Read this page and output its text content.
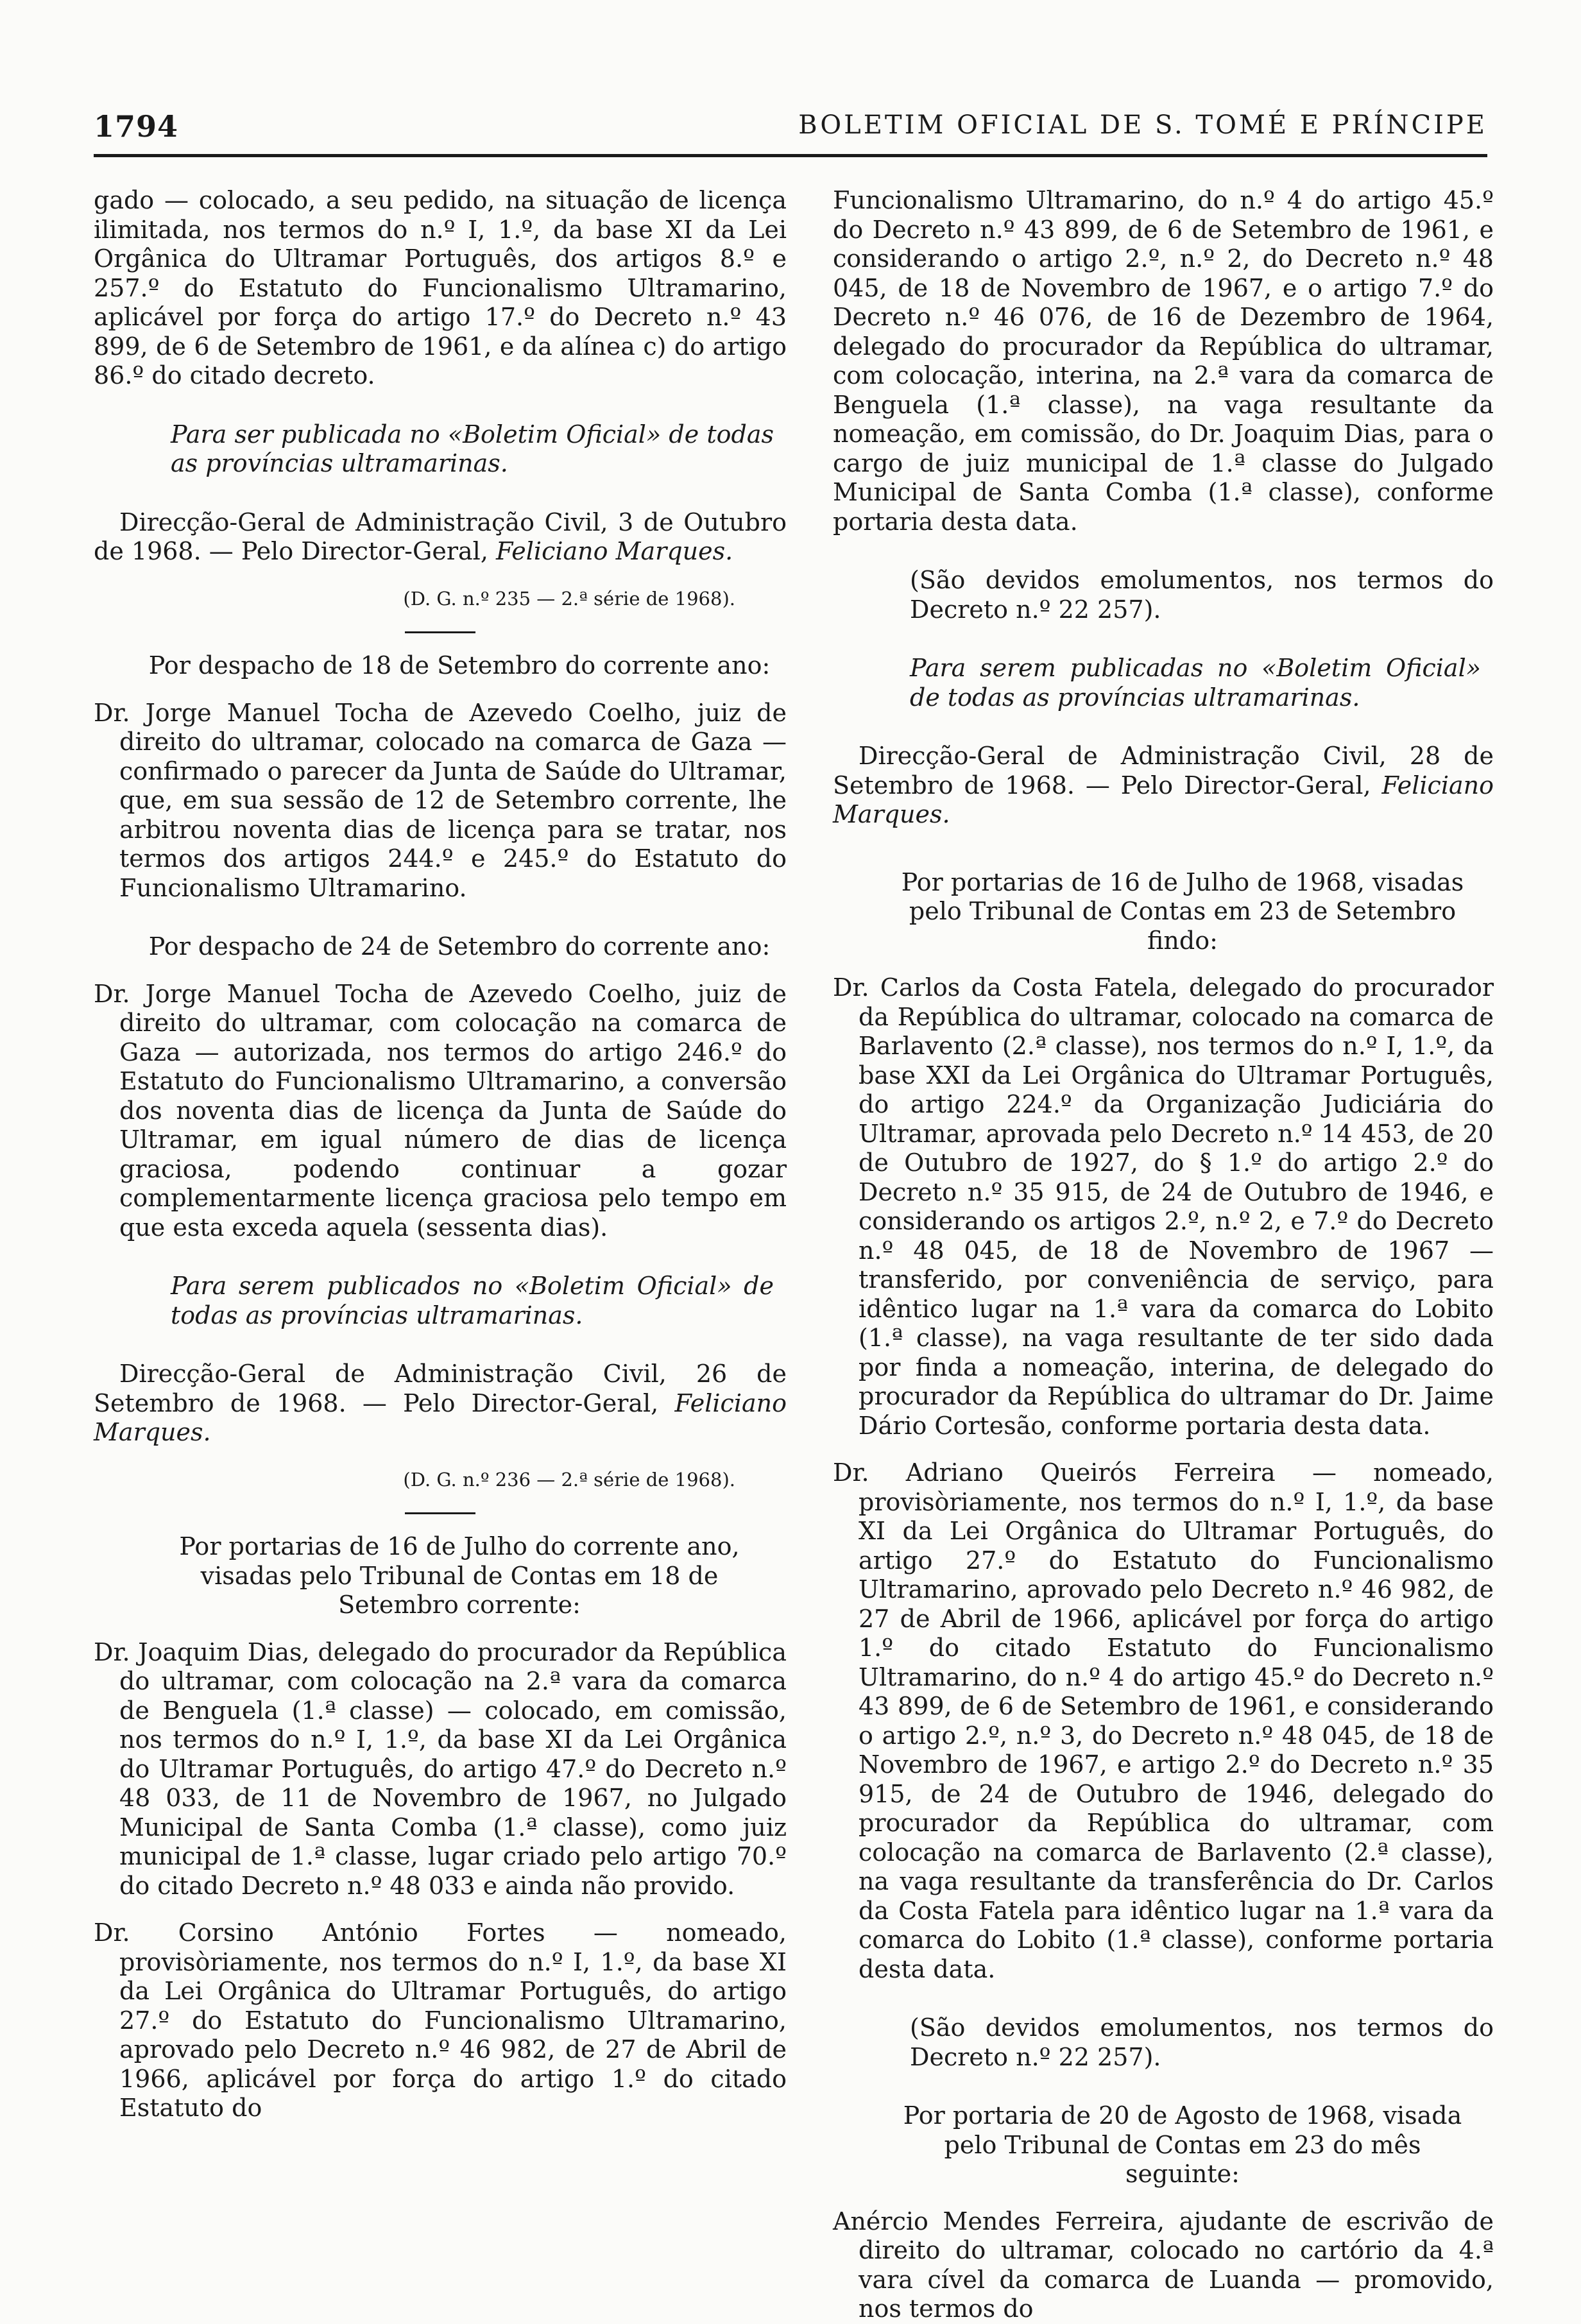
1794	BOLETIM OFICIAL DE S. TOMÉ E PRÍNCIPE

gado — colocado, a seu pedido, na situação de licença ilimitada, nos termos do n.º I, 1.º, da base XI da Lei Orgânica do Ultramar Português, dos artigos 8.º e 257.º do Estatuto do Funcionalismo Ultramarino, aplicável por força do artigo 17.º do Decreto n.º 43 899, de 6 de Setembro de 1961, e da alínea c) do artigo 86.º do citado decreto.

Para ser publicada no «Boletim Oficial» de todas as províncias ultramarinas.

Direcção-Geral de Administração Civil, 3 de Outubro de 1968. — Pelo Director-Geral, Feliciano Marques.

(D. G. n.º 235 — 2.ª série de 1968).

Por despacho de 18 de Setembro do corrente ano:

Dr. Jorge Manuel Tocha de Azevedo Coelho, juiz de direito do ultramar, colocado na comarca de Gaza — confirmado o parecer da Junta de Saúde do Ultramar, que, em sua sessão de 12 de Setembro corrente, lhe arbitrou noventa dias de licença para se tratar, nos termos dos artigos 244.º e 245.º do Estatuto do Funcionalismo Ultramarino.

Por despacho de 24 de Setembro do corrente ano:

Dr. Jorge Manuel Tocha de Azevedo Coelho, juiz de direito do ultramar, com colocação na comarca de Gaza — autorizada, nos termos do artigo 246.º do Estatuto do Funcionalismo Ultramarino, a conversão dos noventa dias de licença da Junta de Saúde do Ultramar, em igual número de dias de licença graciosa, podendo continuar a gozar complementarmente licença graciosa pelo tempo em que esta exceda aquela (sessenta dias).

Para serem publicados no «Boletim Oficial» de todas as províncias ultramarinas.

Direcção-Geral de Administração Civil, 26 de Setembro de 1968. — Pelo Director-Geral, Feliciano Marques.

(D. G. n.º 236 — 2.ª série de 1968).

Por portarias de 16 de Julho do corrente ano, visadas pelo Tribunal de Contas em 18 de Setembro corrente:

Dr. Joaquim Dias, delegado do procurador da República do ultramar, com colocação na 2.ª vara da comarca de Benguela (1.ª classe) — colocado, em comissão, nos termos do n.º I, 1.º, da base XI da Lei Orgânica do Ultramar Português, do artigo 47.º do Decreto n.º 48 033, de 11 de Novembro de 1967, no Julgado Municipal de Santa Comba (1.ª classe), como juiz municipal de 1.ª classe, lugar criado pelo artigo 70.º do citado Decreto n.º 48 033 e ainda não provido.

Dr. Corsino António Fortes — nomeado, provisòriamente, nos termos do n.º I, 1.º, da base XI da Lei Orgânica do Ultramar Português, do artigo 27.º do Estatuto do Funcionalismo Ultramarino, aprovado pelo Decreto n.º 46 982, de 27 de Abril de 1966, aplicável por força do artigo 1.º do citado Estatuto do

Funcionalismo Ultramarino, do n.º 4 do artigo 45.º do Decreto n.º 43 899, de 6 de Setembro de 1961, e considerando o artigo 2.º, n.º 2, do Decreto n.º 48 045, de 18 de Novembro de 1967, e o artigo 7.º do Decreto n.º 46 076, de 16 de Dezembro de 1964, delegado do procurador da República do ultramar, com colocação, interina, na 2.ª vara da comarca de Benguela (1.ª classe), na vaga resultante da nomeação, em comissão, do Dr. Joaquim Dias, para o cargo de juiz municipal de 1.ª classe do Julgado Municipal de Santa Comba (1.ª classe), conforme portaria desta data.

(São devidos emolumentos, nos termos do Decreto n.º 22 257).

Para serem publicadas no «Boletim Oficial» de todas as províncias ultramarinas.

Direcção-Geral de Administração Civil, 28 de Setembro de 1968. — Pelo Director-Geral, Feliciano Marques.

Por portarias de 16 de Julho de 1968, visadas pelo Tribunal de Contas em 23 de Setembro findo:

Dr. Carlos da Costa Fatela, delegado do procurador da República do ultramar, colocado na comarca de Barlavento (2.ª classe), nos termos do n.º I, 1.º, da base XXI da Lei Orgânica do Ultramar Português, do artigo 224.º da Organização Judiciária do Ultramar, aprovada pelo Decreto n.º 14 453, de 20 de Outubro de 1927, do § 1.º do artigo 2.º do Decreto n.º 35 915, de 24 de Outubro de 1946, e considerando os artigos 2.º, n.º 2, e 7.º do Decreto n.º 48 045, de 18 de Novembro de 1967 — transferido, por conveniência de serviço, para idêntico lugar na 1.ª vara da comarca do Lobito (1.ª classe), na vaga resultante de ter sido dada por finda a nomeação, interina, de delegado do procurador da República do ultramar do Dr. Jaime Dário Cortesão, conforme portaria desta data.

Dr. Adriano Queirós Ferreira — nomeado, provisòriamente, nos termos do n.º I, 1.º, da base XI da Lei Orgânica do Ultramar Português, do artigo 27.º do Estatuto do Funcionalismo Ultramarino, aprovado pelo Decreto n.º 46 982, de 27 de Abril de 1966, aplicável por força do artigo 1.º do citado Estatuto do Funcionalismo Ultramarino, do n.º 4 do artigo 45.º do Decreto n.º 43 899, de 6 de Setembro de 1961, e considerando o artigo 2.º, n.º 3, do Decreto n.º 48 045, de 18 de Novembro de 1967, e artigo 2.º do Decreto n.º 35 915, de 24 de Outubro de 1946, delegado do procurador da República do ultramar, com colocação na comarca de Barlavento (2.ª classe), na vaga resultante da transferência do Dr. Carlos da Costa Fatela para idêntico lugar na 1.ª vara da comarca do Lobito (1.ª classe), conforme portaria desta data.

(São devidos emolumentos, nos termos do Decreto n.º 22 257).

Por portaria de 20 de Agosto de 1968, visada pelo Tribunal de Contas em 23 do mês seguinte:

Anércio Mendes Ferreira, ajudante de escrivão de direito do ultramar, colocado no cartório da 4.ª vara cível da comarca de Luanda — promovido, nos termos do
